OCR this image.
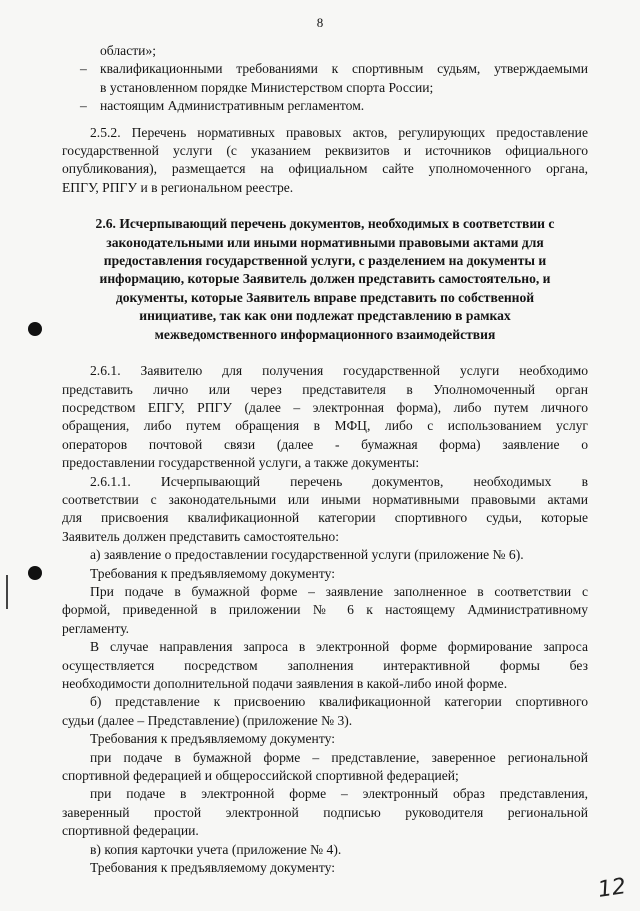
8
области»;
– квалификационными требованиями к спортивным судьям, утверждаемыми
в установленном порядке Министерством спорта России;
– настоящим Административным регламентом.
2.5.2. Перечень нормативных правовых актов, регулирующих предоставление
государственной услуги (с указанием реквизитов и источников официального
опубликования), размещается на официальном сайте уполномоченного органа,
ЕПГУ, РПГУ и в региональном реестре.
2.6. Исчерпывающий перечень документов, необходимых в соответствии с
законодательными или иными нормативными правовыми актами для
предоставления государственной услуги, с разделением на документы и
информацию, которые Заявитель должен представить самостоятельно, и
документы, которые Заявитель вправе представить по собственной
инициативе, так как они подлежат представлению в рамках
межведомственного информационного взаимодействия
2.6.1. Заявителю для получения государственной услуги необходимо
представить лично или через представителя в Уполномоченный орган
посредством ЕПГУ, РПГУ (далее – электронная форма), либо путем личного
обращения, либо путем обращения в МФЦ, либо с использованием услуг
операторов почтовой связи (далее - бумажная форма) заявление о
предоставлении государственной услуги, а также документы:
2.6.1.1. Исчерпывающий перечень документов, необходимых в
соответствии с законодательными или иными нормативными правовыми актами
для присвоения квалификационной категории спортивного судьи, которые
Заявитель должен представить самостоятельно:
а) заявление о предоставлении государственной услуги (приложение № 6).
Требования к предъявляемому документу:
При подаче в бумажной форме – заявление заполненное в соответствии с
формой, приведенной в приложении № 6 к настоящему Административному
регламенту.
В случае направления запроса в электронной форме формирование запроса
осуществляется посредством заполнения интерактивной формы без
необходимости дополнительной подачи заявления в какой-либо иной форме.
б) представление к присвоению квалификационной категории спортивного
судьи (далее – Представление) (приложение № 3).
Требования к предъявляемому документу:
при подаче в бумажной форме – представление, заверенное региональной
спортивной федерацией и общероссийской спортивной федерацией;
при подаче в электронной форме – электронный образ представления,
заверенный простой электронной подписью руководителя региональной
спортивной федерации.
в) копия карточки учета (приложение № 4).
Требования к предъявляемому документу:
12
